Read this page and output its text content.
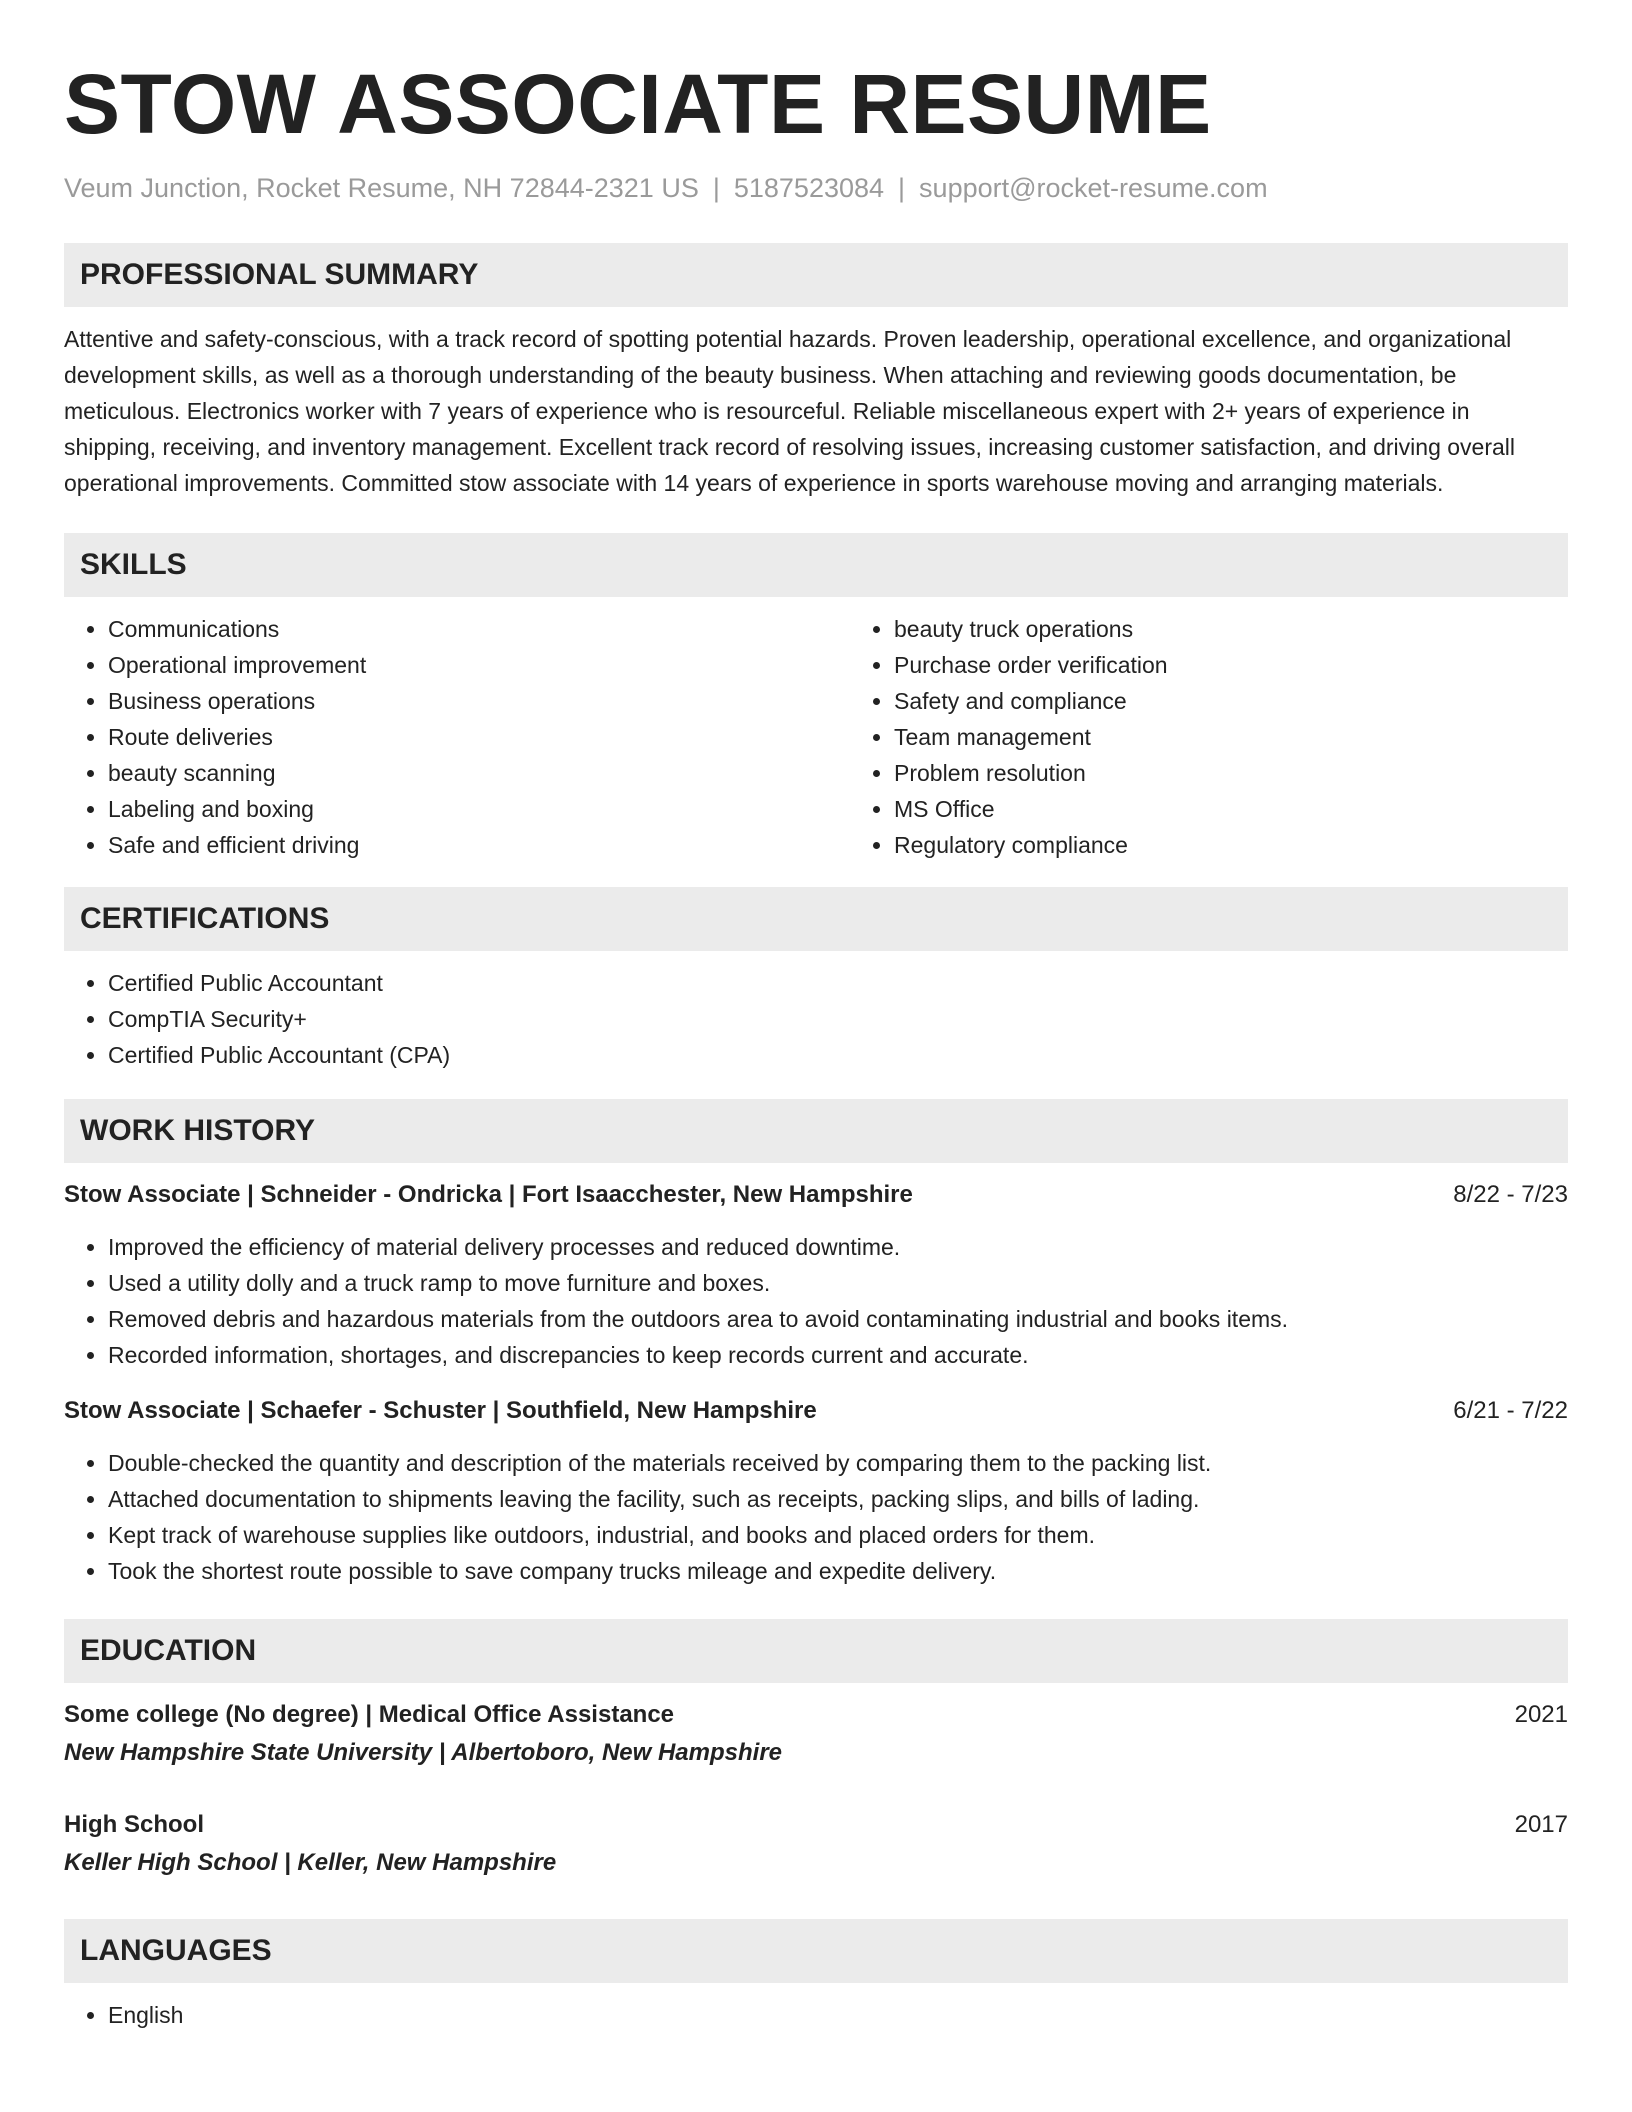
STOW ASSOCIATE RESUME
Veum Junction, Rocket Resume, NH 72844-2321 US | 5187523084 | support@rocket-resume.com
PROFESSIONAL SUMMARY

Attentive and safety-conscious, with a track record of spotting potential hazards. Proven leadership, operational excellence, and organizational development skills, as well as a thorough understanding of the beauty business. When attaching and reviewing goods documentation, be meticulous. Electronics worker with 7 years of experience who is resourceful. Reliable miscellaneous expert with 2+ years of experience in shipping, receiving, and inventory management. Excellent track record of resolving issues, increasing customer satisfaction, and driving overall operational improvements. Committed stow associate with 14 years of experience in sports warehouse moving and arranging materials.

SKILLS
• Communications
• Operational improvement
• Business operations
• Route deliveries
• beauty scanning
• Labeling and boxing
• Safe and efficient driving
• beauty truck operations
• Purchase order verification
• Safety and compliance
• Team management
• Problem resolution
• MS Office
• Regulatory compliance
CERTIFICATIONS
• Certified Public Accountant
• CompTIA Security+
• Certified Public Accountant (CPA)
WORK HISTORY
Stow Associate | Schneider - Ondricka | Fort Isaacchester, New Hampshire	8/22 - 7/23
• Improved the efficiency of material delivery processes and reduced downtime.
• Used a utility dolly and a truck ramp to move furniture and boxes.
• Removed debris and hazardous materials from the outdoors area to avoid contaminating industrial and books items.
• Recorded information, shortages, and discrepancies to keep records current and accurate.
Stow Associate | Schaefer - Schuster | Southfield, New Hampshire	6/21 - 7/22
• Double-checked the quantity and description of the materials received by comparing them to the packing list.
• Attached documentation to shipments leaving the facility, such as receipts, packing slips, and bills of lading.
• Kept track of warehouse supplies like outdoors, industrial, and books and placed orders for them.
• Took the shortest route possible to save company trucks mileage and expedite delivery.
EDUCATION
Some college (No degree) | Medical Office Assistance	2021
New Hampshire State University | Albertoboro, New Hampshire
High School	2017
Keller High School | Keller, New Hampshire
LANGUAGES
• English
